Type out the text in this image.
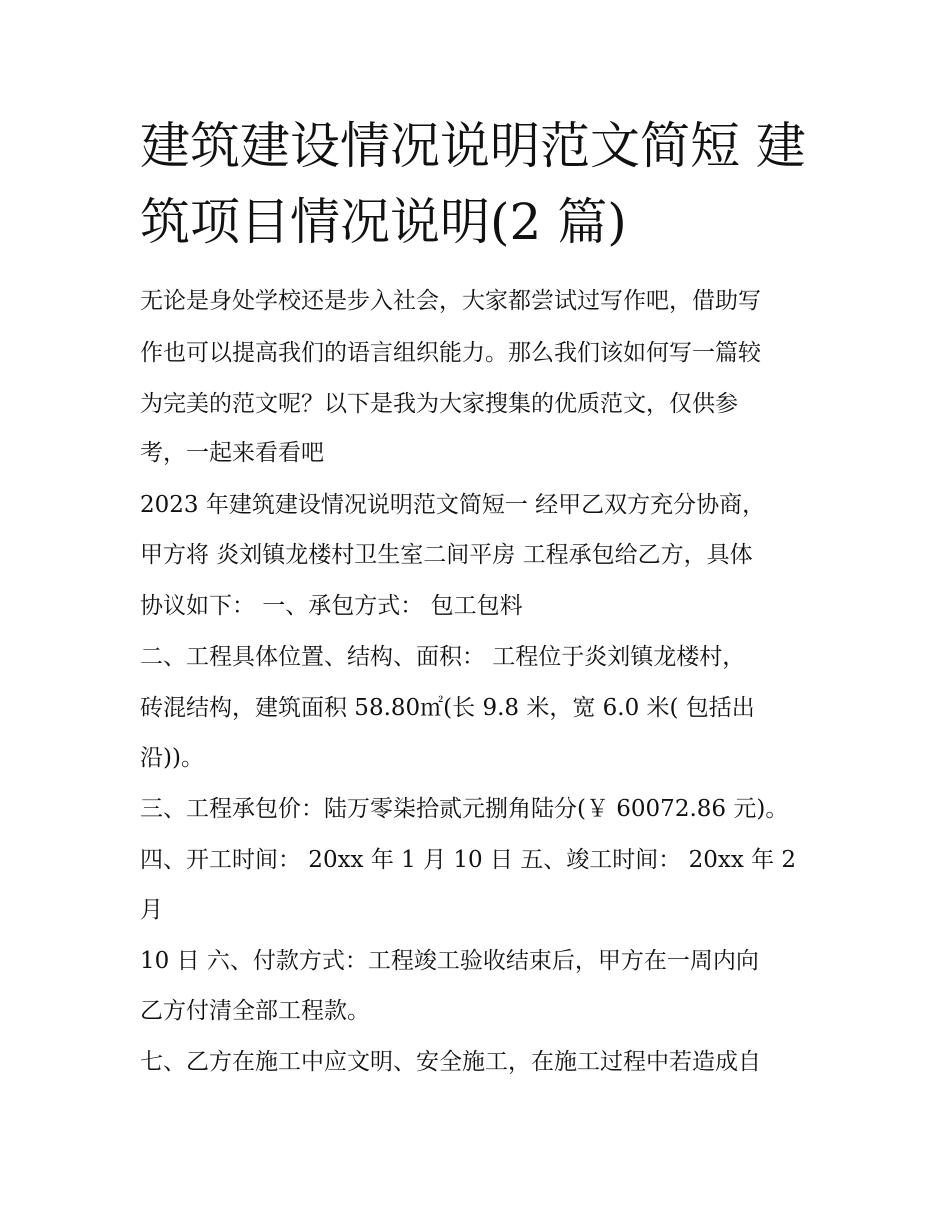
建筑建设情况说明范文简短 建
筑项目情况说明(2 篇)

无论是身处学校还是步入社会，大家都尝试过写作吧，借助写

作也可以提高我们的语言组织能力。那么我们该如何写一篇较

为完美的范文呢？以下是我为大家搜集的优质范文，仅供参

考，一起来看看吧

2023 年建筑建设情况说明范文简短一 经甲乙双方充分协商，

甲方将 炎刘镇龙楼村卫生室二间平房 工程承包给乙方，具体

协议如下： 一、承包方式： 包工包料

二、工程具体位置、结构、面积： 工程位于炎刘镇龙楼村，

砖混结构，建筑面积 58.80㎡(长 9.8 米，宽 6.0 米( 包括出

沿))。

三、工程承包价：陆万零柒拾贰元捌角陆分(￥ 60072.86 元)。

四、开工时间： 20xx 年 1 月 10 日 五、竣工时间： 20xx 年 2

月

10 日 六、付款方式：工程竣工验收结束后，甲方在一周内向

乙方付清全部工程款。

七、乙方在施工中应文明、安全施工，在施工过程中若造成自
